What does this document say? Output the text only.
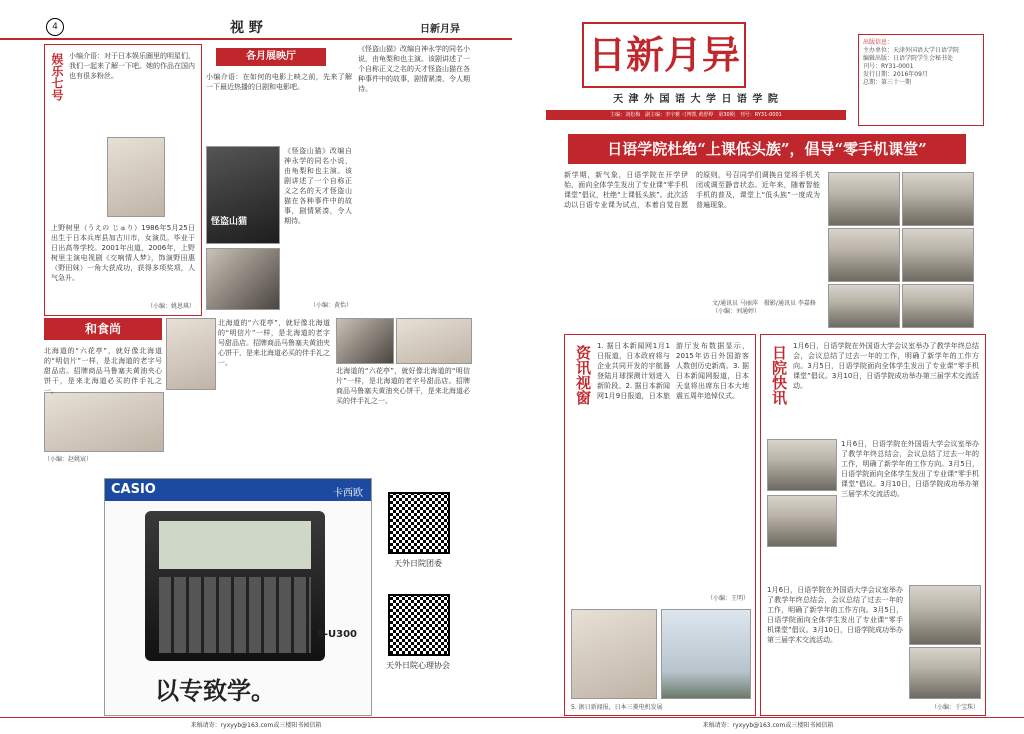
4	视 野	日新月异
娱乐七号 小编介语：对于日本娱乐圈里的明星们，我们一起来了解一下吧。她的作品在国内也有很多粉丝。
上野树里（うえの じゅり）1986年5月25日出生于日本兵库县加古川市，女演员。毕业于日出高等学校。2001年出道，2006年，上野树里主演电视剧《交响情人梦》，饰演野田惠（野田妹）一角大获成功，获得多项奖项，人气急升。
（小编：姚恩琪）
各月展映厅
小编介语：在如何的电影上映之前，先来了解一下最近热播的日剧和电影吧。
怪盗山猫
《怪盗山猫》改编自神永学的同名小说，由龟梨和也主演。该剧讲述了一个自称正义之名的天才怪盗山猫在各种事件中的故事，剧情紧凑，令人期待。
（小编：黄怡）
《怪盗山猫》改编自神永学的同名小说，由龟梨和也主演。该剧讲述了一个自称正义之名的天才怪盗山猫在各种事件中的故事，剧情紧凑，令人期待。
和食尚	北海道的“六花亭”，就好像北海道的“明信片”一样，是北海道的老字号甜品店。招牌商品马鲁塞夫黄油夹心饼干，是来北海道必买的伴手礼之一。
北海道的“六花亭”，就好像北海道的“明信片”一样，是北海道的老字号甜品店。招牌商品马鲁塞夫黄油夹心饼干，是来北海道必买的伴手礼之一。
北海道的“六花亭”，就好像北海道的“明信片”一样，是北海道的老字号甜品店。招牌商品马鲁塞夫黄油夹心饼干，是来北海道必买的伴手礼之一。
（小编：赵姚宸）
CASIO	卡西欧
E-U300
以专致学。
天外日院团委
天外日院心理协会
来稿请寄：ryxyyb@163.com或三楼阳书园信箱
日新月异
天 津 外 国 语 大 学 日 语 学 院
主编：刘松梅　副主编：李宇雅 刁博凯 黄舒婷　第30期　刊号：RY31-0001
出版信息：
主办单位：天津外国语大学日语学院
编辑出版：日语学院学生会秘书处
刊号：RY31-0001
发行日期：2016年09月
总期：第三十一期
日语学院杜绝“上课低头族”，倡导“零手机课堂”
新学期，新气象，日语学院在开学伊始，面向全体学生发出了专业课“零手机课堂”倡议，杜绝“上课低头族”。此次活动以日语专业课为试点，本着自觉自愿的原则，号召同学们调换自觉将手机关闭或调至静音状态。近年来，随着智能手机的普及，课堂上“低头族”一度成为普遍现象。
文/通讯员 马丽萍　摄影/通讯员 李嘉修　（小编：刘通婷）
资讯视窗 1. 据日本新闻网1月1日报道，日本政府将与企业共同开发的宇航器登陆月球探测计划进入新阶段。2. 据日本新闻网1月9日报道，日本旅游厅发布数据显示，2015年访日外国游客人数创历史新高。3. 据日本新闻网报道，日本天皇将出席东日本大地震五周年追悼仪式。
（小编：王明）
5. 据日新闻报，日本三菱电机发展
日院快讯 1月6日，日语学院在外国语大学会议室举办了教学年终总结会，会议总结了过去一年的工作，明确了新学年的工作方向。3月5日，日语学院面向全体学生发出了专业课“零手机课堂”倡议。3月10日，日语学院成功举办第三届学术交流活动。
1月6日，日语学院在外国语大学会议室举办了教学年终总结会，会议总结了过去一年的工作，明确了新学年的工作方向。3月5日，日语学院面向全体学生发出了专业课“零手机课堂”倡议。3月10日，日语学院成功举办第三届学术交流活动。
1月6日，日语学院在外国语大学会议室举办了教学年终总结会，会议总结了过去一年的工作，明确了新学年的工作方向。3月5日，日语学院面向全体学生发出了专业课“零手机课堂”倡议。3月10日，日语学院成功举办第三届学术交流活动。
（小编：于宝珠）
来稿请寄：ryxyyb@163.com或三楼阳书园信箱
